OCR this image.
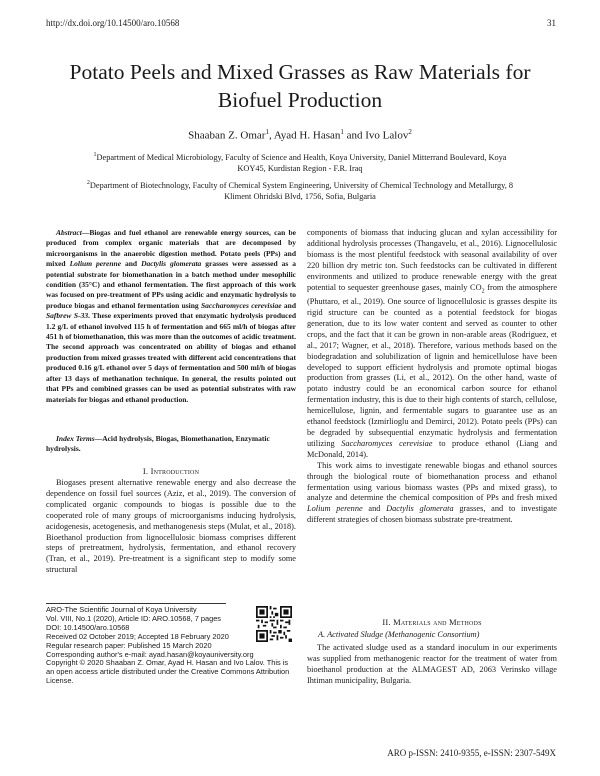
http://dx.doi.org/10.14500/aro.10568	31
Potato Peels and Mixed Grasses as Raw Materials for Biofuel Production
Shaaban Z. Omar$^1$, Ayad H. Hasan$^1$ and Ivo Lalov$^2$
$^1$Department of Medical Microbiology, Faculty of Science and Health, Koya University, Daniel Mitterrand Boulevard, Koya KOY45, Kurdistan Region - F.R. Iraq
$^2$Department of Biotechnology, Faculty of Chemical System Engineering, University of Chemical Technology and Metallurgy, 8 Kliment Ohridski Blvd, 1756, Sofia, Bulgaria
Abstract—Biogas and fuel ethanol are renewable energy sources, can be produced from complex organic materials that are decomposed by microorganisms in the anaerobic digestion method. Potato peels (PPs) and mixed Lolium perenne and Dactylis glomerata grasses were assessed as a potential substrate for biomethanation in a batch method under mesophilic condition (35°C) and ethanol fermentation. The first approach of this work was focused on pre-treatment of PPs using acidic and enzymatic hydrolysis to produce biogas and ethanol fermentation using Saccharomyces cerevisiae and Safbrew S-33. These experiments proved that enzymatic hydrolysis produced 1.2 g/L of ethanol involved 115 h of fermentation and 665 ml/h of biogas after 451 h of biomethanation, this was more than the outcomes of acidic treatment. The second approach was concentrated on ability of biogas and ethanol production from mixed grasses treated with different acid concentrations that produced 0.16 g/L ethanol over 5 days of fermentation and 500 ml/h of biogas after 13 days of methanation technique. In general, the results pointed out that PPs and combined grasses can be used as potential substrates with raw materials for biogas and ethanol production.
Index Terms—Acid hydrolysis, Biogas, Biomethanation, Enzymatic hydrolysis.
I. Introduction

Biogases present alternative renewable energy and also decrease the dependence on fossil fuel sources (Aziz, et al., 2019). The conversion of complicated organic compounds to biogas is possible due to the cooperated role of many groups of microorganisms inducing hydrolysis, acidogenesis, acetogenesis, and methanogenesis steps (Mulat, et al., 2018). Bioethanol production from lignocellulosic biomass comprises different steps of pretreatment, hydrolysis, fermentation, and ethanol recovery (Tran, et al., 2019). Pre-treatment is a significant step to modify some structural

ARO-The Scientific Journal of Koya University
Vol. VIII, No.1 (2020), Article ID: ARO.10568, 7 pages
DOI: 10.14500/aro.10568
Received 02 October 2019; Accepted 18 February 2020
Regular research paper: Published 15 March 2020
Corresponding author's e-mail: ayad.hasan@koyauniversity.org
Copyright © 2020 Shaaban Z. Omar, Ayad H. Hasan and Ivo Lalov. This is an open access article distributed under the Creative Commons Attribution License.

components of biomass that inducing glucan and xylan accessibility for additional hydrolysis processes (Thangavelu, et al., 2016). Lignocellulosic biomass is the most plentiful feedstock with seasonal availability of over 220 billion dry metric ton. Such feedstocks can be cultivated in different environments and utilized to produce renewable energy with the great potential to sequester greenhouse gases, mainly $CO_2$ from the atmosphere (Phuttaro, et al., 2019). One source of lignocellulosic is grasses despite its rigid structure can be counted as a potential feedstock for biogas generation, due to its low water content and served as counter to other crops, and the fact that it can be grown in non-arable areas (Rodriguez, et al., 2017; Wagner, et al., 2018). Therefore, various methods based on the biodegradation and solubilization of lignin and hemicellulose have been developed to support efficient hydrolysis and promote optimal biogas production from grasses (Li, et al., 2012). On the other hand, waste of potato industry could be an economical carbon source for ethanol fermentation industry, this is due to their high contents of starch, cellulose, hemicellulose, lignin, and fermentable sugars to guarantee use as an ethanol feedstock (Izmirlioglu and Demirci, 2012). Potato peels (PPs) can be degraded by subsequential enzymatic hydrolysis and fermentation utilizing Saccharomyces cerevisiae to produce ethanol (Liang and McDonald, 2014).

This work aims to investigate renewable biogas and ethanol sources through the biological route of biomethanation process and ethanol fermentation using various biomass wastes (PPs and mixed grass), to analyze and determine the chemical composition of PPs and fresh mixed Lolium perenne and Dactylis glomerata grasses, and to investigate different strategies of chosen biomass substrate pre-treatment.

II. Materials and Methods
A. Activated Sludge (Methanogenic Consortium)

The activated sludge used as a standard inoculum in our experiments was supplied from methanogenic reactor for the treatment of water from bioethanol production at the ALMAGEST AD, 2063 Verinsko village Ihtiman municipality, Bulgaria.

ARO p-ISSN: 2410-9355, e-ISSN: 2307-549X
